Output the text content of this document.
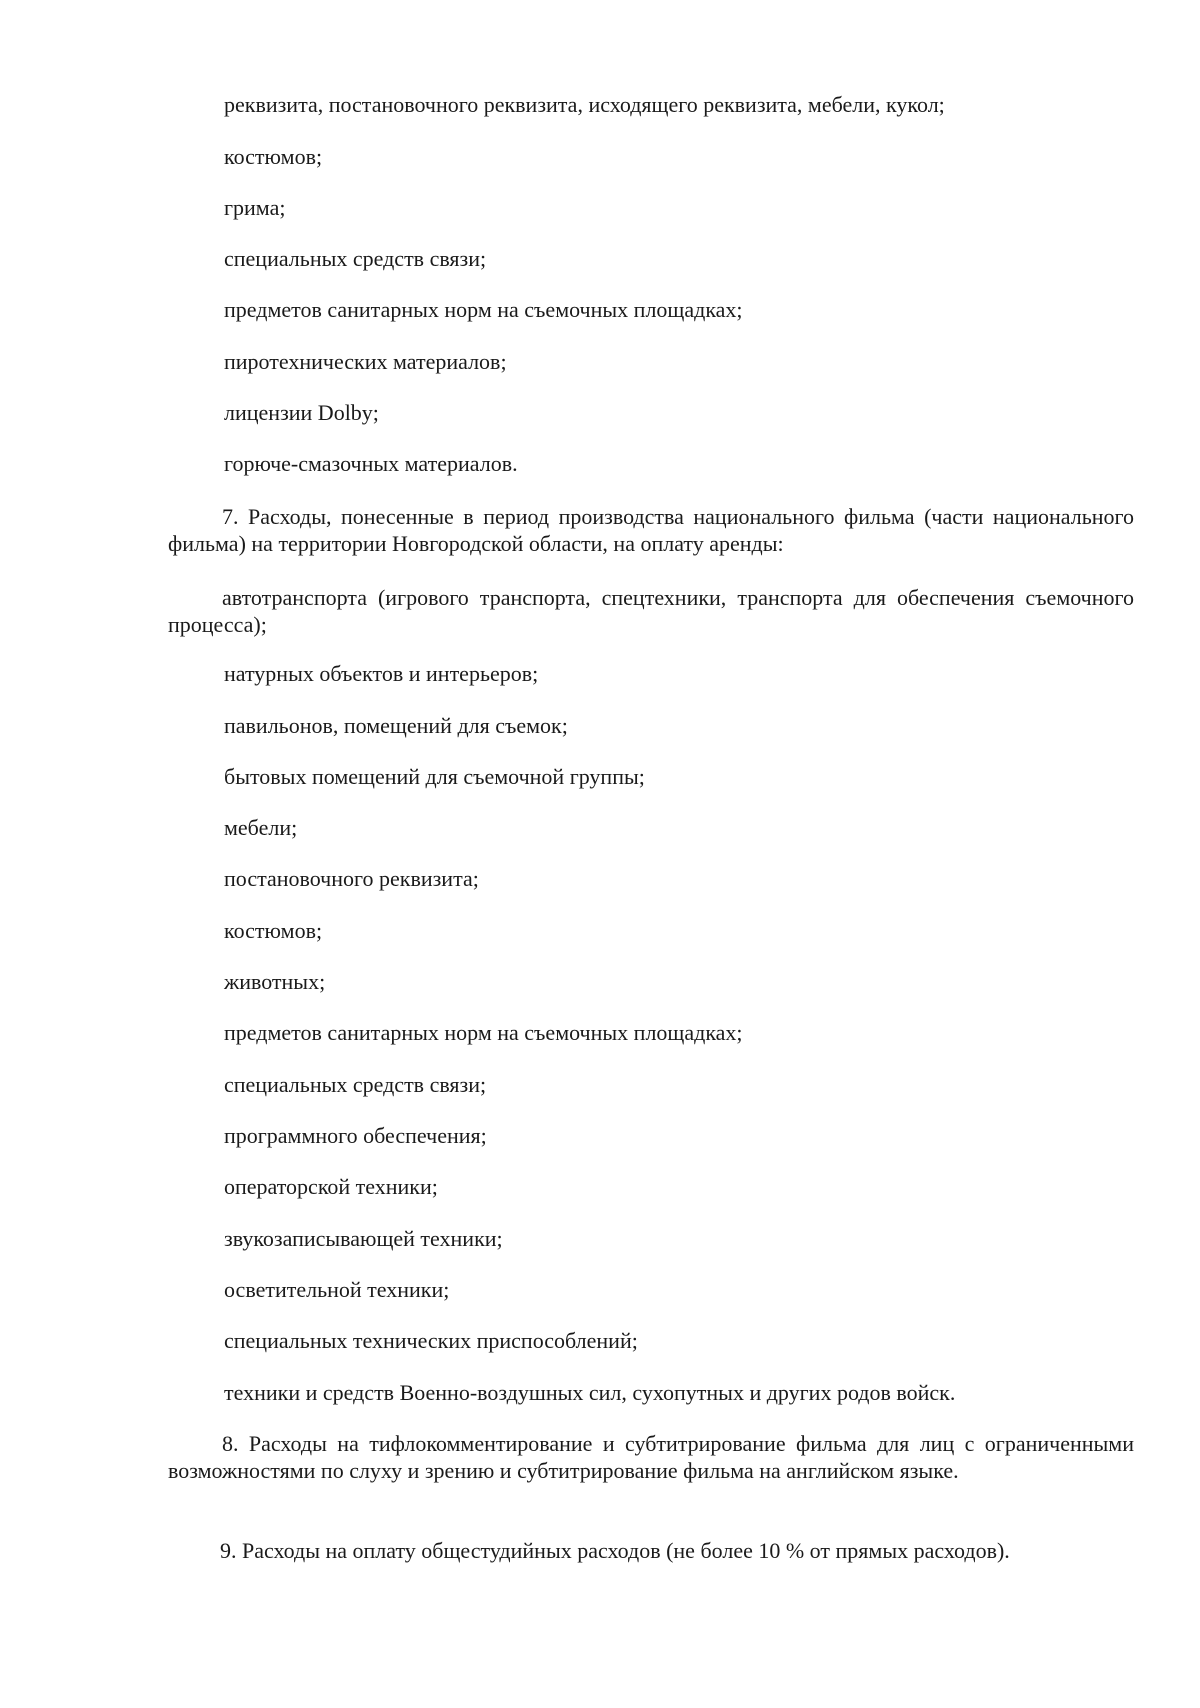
реквизита, постановочного реквизита, исходящего реквизита, мебели, кукол;
костюмов;
грима;
специальных средств связи;
предметов санитарных норм на съемочных площадках;
пиротехнических материалов;
лицензии Dolby;
горюче-смазочных материалов.
7. Расходы, понесенные в период производства национального фильма (части национального фильма) на территории Новгородской области, на оплату аренды:
автотранспорта (игрового транспорта, спецтехники, транспорта для обеспечения съемочного процесса);
натурных объектов и интерьеров;
павильонов, помещений для съемок;
бытовых помещений для съемочной группы;
мебели;
постановочного реквизита;
костюмов;
животных;
предметов санитарных норм на съемочных площадках;
специальных средств связи;
программного обеспечения;
операторской техники;
звукозаписывающей техники;
осветительной техники;
специальных технических приспособлений;
техники и средств Военно-воздушных сил, сухопутных и других родов войск.
8. Расходы на тифлокомментирование и субтитрирование фильма для лиц с ограниченными возможностями по слуху и зрению и субтитрирование фильма на английском языке.
9. Расходы на оплату общестудийных расходов (не более 10 % от прямых расходов).
